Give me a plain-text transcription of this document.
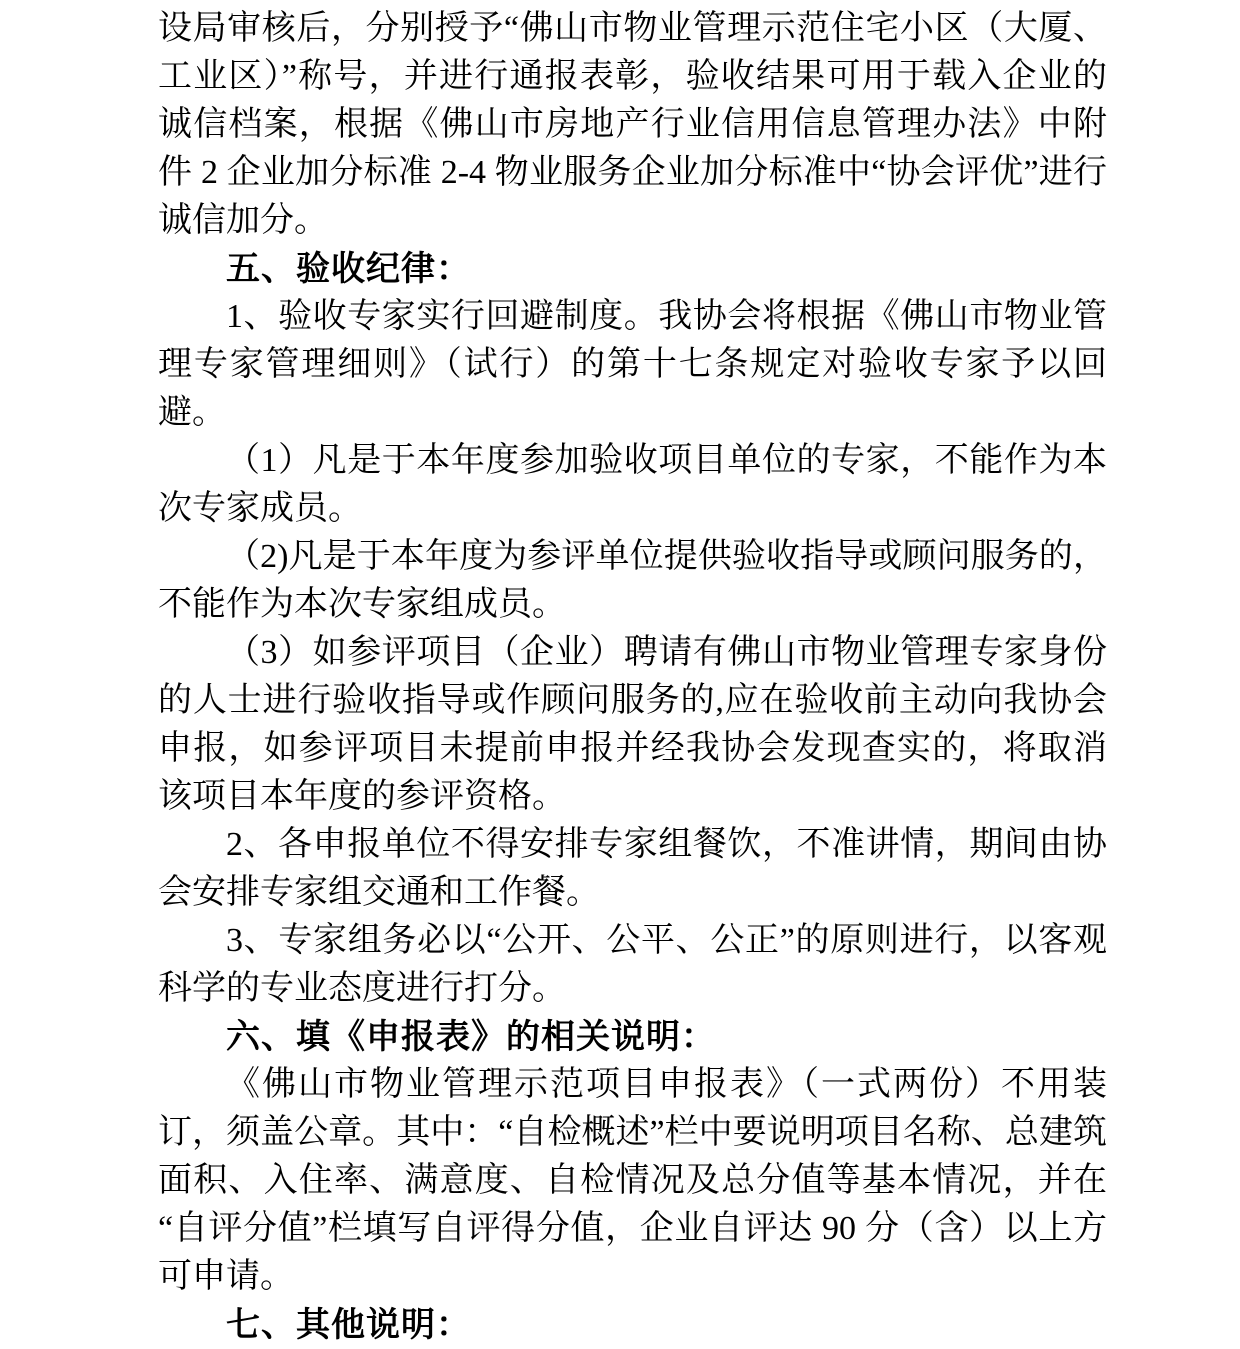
设局审核后，分别授予“佛山市物业管理示范住宅小区（大厦、工业区）”称号，并进行通报表彰，验收结果可用于载入企业的诚信档案，根据《佛山市房地产行业信用信息管理办法》中附件 2 企业加分标准 2-4 物业服务企业加分标准中“协会评优”进行诚信加分。

五、验收纪律：

1、验收专家实行回避制度。我协会将根据《佛山市物业管理专家管理细则》（试行）的第十七条规定对验收专家予以回避。

（1）凡是于本年度参加验收项目单位的专家，不能作为本次专家成员。

（2)凡是于本年度为参评单位提供验收指导或顾问服务的，不能作为本次专家组成员。

（3）如参评项目（企业）聘请有佛山市物业管理专家身份的人士进行验收指导或作顾问服务的,应在验收前主动向我协会申报，如参评项目未提前申报并经我协会发现查实的，将取消该项目本年度的参评资格。

2、各申报单位不得安排专家组餐饮，不准讲情，期间由协会安排专家组交通和工作餐。

3、专家组务必以“公开、公平、公正”的原则进行，以客观科学的专业态度进行打分。

六、填《申报表》的相关说明：

《佛山市物业管理示范项目申报表》（一式两份）不用装订，须盖公章。其中：“自检概述”栏中要说明项目名称、总建筑面积、入住率、满意度、自检情况及总分值等基本情况，并在“自评分值”栏填写自评得分值，企业自评达 90 分（含）以上方可申请。

七、其他说明：
